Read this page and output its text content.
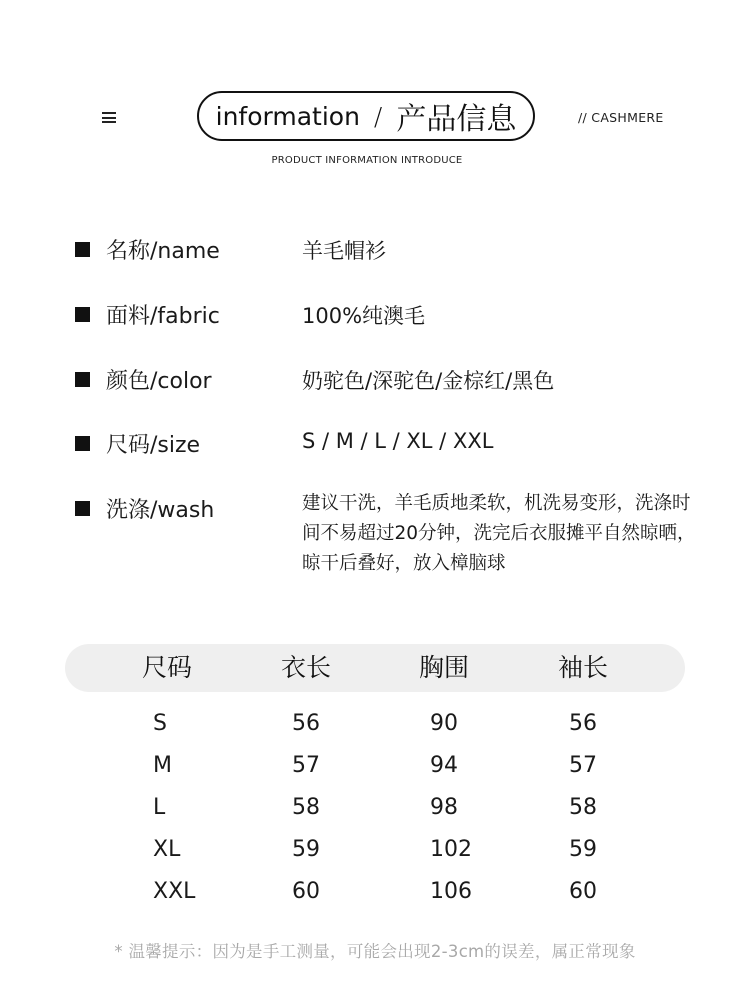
information / 产品信息	// CASHMERE
PRODUCT INFORMATION INTRODUCE
名称/name	羊毛帽衫
面料/fabric	100%纯澳毛
颜色/color	奶驼色/深驼色/金棕红/黑色
尺码/size	S / M / L / XL / XXL
洗涤/wash	建议干洗，羊毛质地柔软，机洗易变形，洗涤时间不易超过20分钟，洗完后衣服摊平自然晾晒，晾干后叠好，放入樟脑球
尺码	衣长	胸围	袖长
S	56	90	56
M	57	94	57
L	58	98	58
XL	59	102	59
XXL	60	106	60
* 温馨提示：因为是手工测量，可能会出现2-3cm的误差，属正常现象
